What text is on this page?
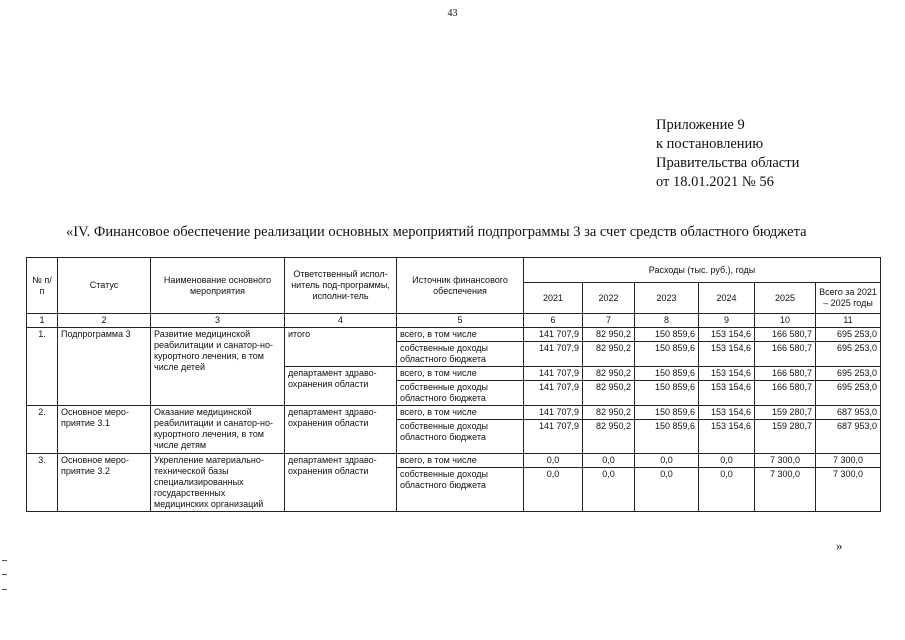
43
Приложение 9
к постановлению
Правительства области
от 18.01.2021 № 56
«IV. Финансовое обеспечение реализации основных мероприятий подпрограммы 3 за счет средств областного бюджета
№ п/п	Статус	Наименование основного мероприятия	Ответственный испол-нитель под-программы, исполни-тель	Источник финансового обеспечения	Расходы (тыс. руб.), годы					
					2021	2022	2023	2024	2025	Всего за 2021 – 2025 годы
1	2	3	4	5	6	7	8	9	10	11
1.	Подпрограмма 3	Развитие медицинской реабилитации и санатор-но-курортного лечения, в том числе детей	итого	всего, в том числе	141 707,9	82 950,2	150 859,6	153 154,6	166 580,7	695 253,0
				собственные доходы областного бюджета	141 707,9	82 950,2	150 859,6	153 154,6	166 580,7	695 253,0
			департамент здраво-охранения области	всего, в том числе	141 707,9	82 950,2	150 859,6	153 154,6	166 580,7	695 253,0
				собственные доходы областного бюджета	141 707,9	82 950,2	150 859,6	153 154,6	166 580,7	695 253,0
2.	Основное меро-приятие 3.1	Оказание медицинской реабилитации и санатор-но-курортного лечения, в том числе детям	департамент здраво-охранения области	всего, в том числе	141 707,9	82 950,2	150 859,6	153 154,6	159 280,7	687 953,0
				собственные доходы областного бюджета	141 707,9	82 950,2	150 859,6	153 154,6	159 280,7	687 953,0
3.	Основное меро-приятие 3.2	Укрепление материально-технической базы специализированных государственных медицинских организаций	департамент здраво-охранения области	всего, в том числе	0,0	0,0	0,0	0,0	7 300,0	7 300,0
				собственные доходы областного бюджета	0,0	0,0	0,0	0,0	7 300,0	7 300,0
»
